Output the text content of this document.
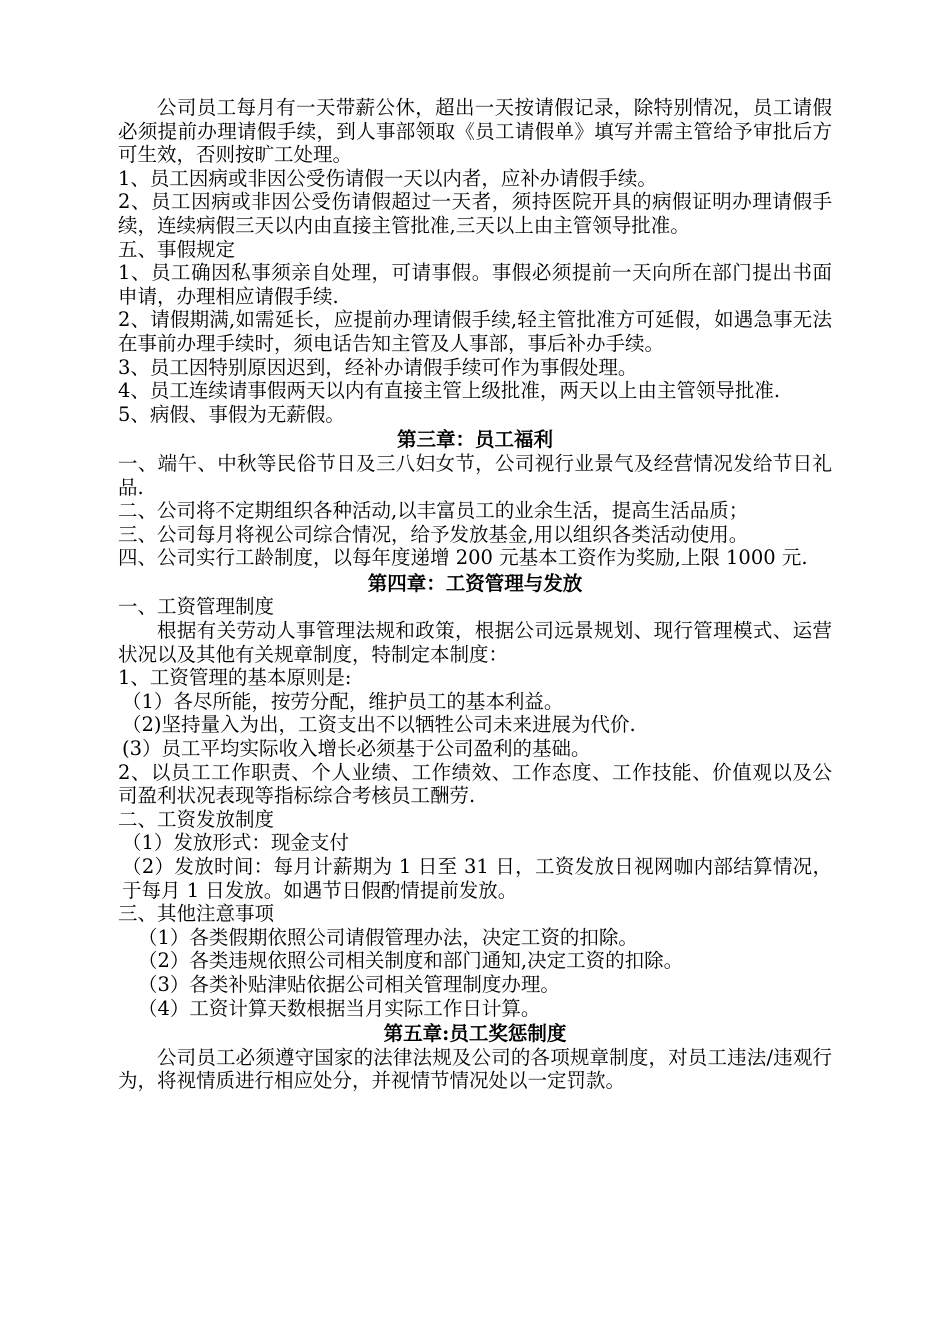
公司员工每月有一天带薪公休，超出一天按请假记录，除特别情况，员工请假必须提前办理请假手续，到人事部领取《员工请假单》填写并需主管给予审批后方可生效，否则按旷工处理。

1、员工因病或非因公受伤请假一天以内者，应补办请假手续。

2、员工因病或非因公受伤请假超过一天者，须持医院开具的病假证明办理请假手续，连续病假三天以内由直接主管批准,三天以上由主管领导批准。

五、事假规定

1、员工确因私事须亲自处理，可请事假。事假必须提前一天向所在部门提出书面申请，办理相应请假手续.

2、请假期满,如需延长，应提前办理请假手续,轻主管批准方可延假，如遇急事无法在事前办理手续时，须电话告知主管及人事部，事后补办手续。

3、员工因特别原因迟到，经补办请假手续可作为事假处理。

4、员工连续请事假两天以内有直接主管上级批准，两天以上由主管领导批准.

5、病假、事假为无薪假。

第三章：员工福利

一、端午、中秋等民俗节日及三八妇女节，公司视行业景气及经营情况发给节日礼品.

二、公司将不定期组织各种活动,以丰富员工的业余生活，提高生活品质；

三、公司每月将视公司综合情况，给予发放基金,用以组织各类活动使用。

四、公司实行工龄制度，以每年度递增 200 元基本工资作为奖励,上限 1000 元.

第四章：工资管理与发放

一、工资管理制度

根据有关劳动人事管理法规和政策，根据公司远景规划、现行管理模式、运营状况以及其他有关规章制度，特制定本制度：

1、工资管理的基本原则是:

（1）各尽所能，按劳分配，维护员工的基本利益。

（2)坚持量入为出，工资支出不以牺牲公司未来进展为代价.

(3）员工平均实际收入增长必须基于公司盈利的基础。

2、以员工工作职责、个人业绩、工作绩效、工作态度、工作技能、价值观以及公司盈利状况表现等指标综合考核员工酬劳.

二、工资发放制度

（1）发放形式：现金支付

（2）发放时间：每月计薪期为 1 日至 31 日，工资发放日视网咖内部结算情况，于每月 1 日发放。如遇节日假酌情提前发放。

三、其他注意事项

（1）各类假期依照公司请假管理办法，决定工资的扣除。

（2）各类违规依照公司相关制度和部门通知,决定工资的扣除。

（3）各类补贴津贴依据公司相关管理制度办理。

（4）工资计算天数根据当月实际工作日计算。

第五章:员工奖惩制度

公司员工必须遵守国家的法律法规及公司的各项规章制度，对员工违法/违观行为，将视情质进行相应处分，并视情节情况处以一定罚款。
